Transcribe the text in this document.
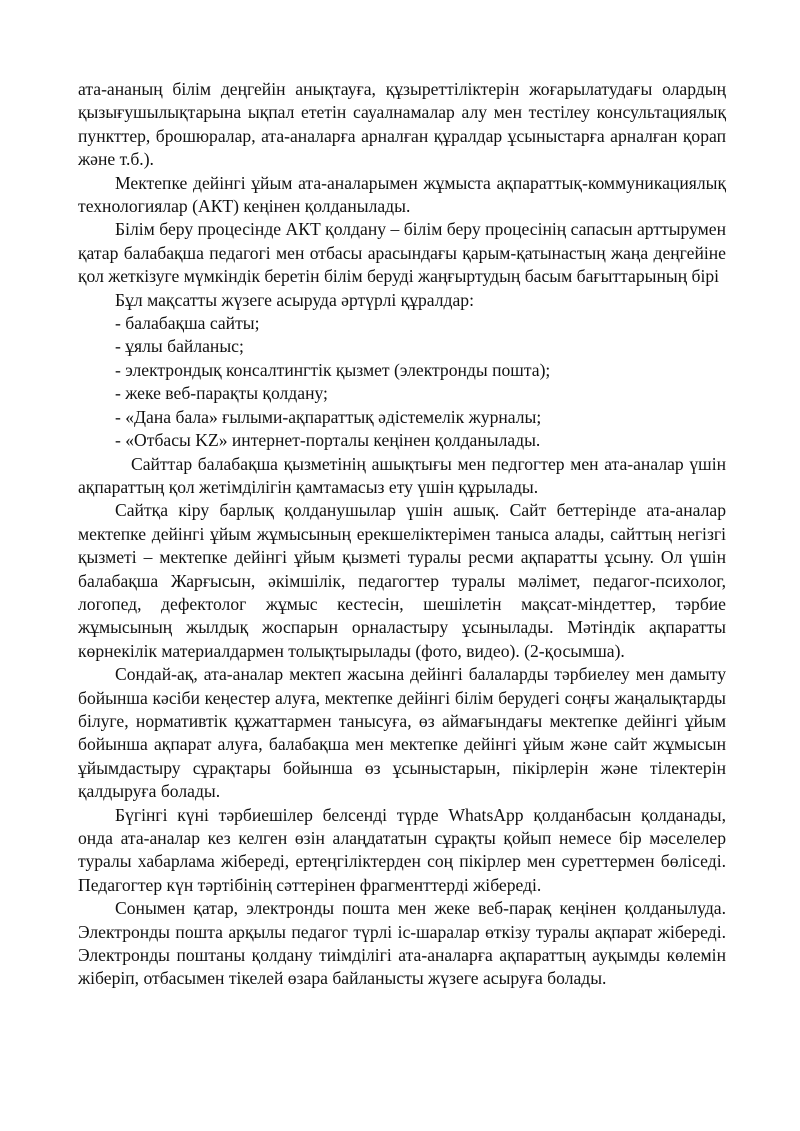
ата-ананың білім деңгейін анықтауға, құзыреттіліктерін жоғарылатудағы олардың қызығушылықтарына ықпал ететін сауалнамалар алу мен тестілеу консультациялық пункттер, брошюралар, ата-аналарға арналған құралдар ұсыныстарға арналған қорап және т.б.).

Мектепке дейінгі ұйым ата-аналарымен жұмыста ақпараттық-коммуникациялық технологиялар (АКТ) кеңінен қолданылады.

Білім беру процесінде АКТ қолдану – білім беру процесінің сапасын арттырумен қатар балабақша педагогі мен отбасы арасындағы қарым-қатынастың жаңа деңгейіне қол жеткізуге мүмкіндік беретін білім беруді жаңғыртудың басым бағыттарының бірі

Бұл мақсатты жүзеге асыруда әртүрлі құралдар:

- балабақша сайты;
- ұялы байланыс;
- электрондық консалтингтік қызмет (электронды пошта);
- жеке веб-парақты қолдану;
- «Дана бала» ғылыми-ақпараттық әдістемелік журналы;
- «Отбасы KZ» интернет-порталы кеңінен қолданылады.

Сайттар балабақша қызметінің ашықтығы мен педгогтер мен ата-аналар үшін ақпараттың қол жетімділігін қамтамасыз ету үшін құрылады.

Сайтқа кіру барлық қолданушылар үшін ашық. Сайт беттерінде ата-аналар мектепке дейінгі ұйым жұмысының ерекшеліктерімен таныса алады, сайттың негізгі қызметі – мектепке дейінгі ұйым қызметі туралы ресми ақпаратты ұсыну. Ол үшін балабақша Жарғысын, әкімшілік, педагогтер туралы мәлімет, педагог-психолог, логопед, дефектолог жұмыс кестесін, шешілетін мақсат-міндеттер, тәрбие жұмысының жылдық жоспарын орналастыру ұсынылады. Мәтіндік ақпаратты көрнекілік материалдармен толықтырылады (фото, видео). (2-қосымша).

Сондай-ақ, ата-аналар мектеп жасына дейінгі балаларды тәрбиелеу мен дамыту бойынша кәсіби кеңестер алуға, мектепке дейінгі білім берудегі соңғы жаңалықтарды білуге, нормативтік құжаттармен танысуға, өз аймағындағы мектепке дейінгі ұйым бойынша ақпарат алуға, балабақша мен мектепке дейінгі ұйым және сайт жұмысын ұйымдастыру сұрақтары бойынша өз ұсыныстарын, пікірлерін және тілектерін қалдыруға болады.

Бүгінгі күні тәрбиешілер белсенді түрде WhatsApp қолданбасын қолданады, онда ата-аналар кез келген өзін алаңдататын сұрақты қойып немесе бір мәселелер туралы хабарлама жібереді, ертеңгіліктерден соң пікірлер мен суреттермен бөліседі. Педагогтер күн тәртібінің сәттерінен фрагменттерді жібереді.

Сонымен қатар, электронды пошта мен жеке веб-парақ кеңінен қолданылуда. Электронды пошта арқылы педагог түрлі іс-шаралар өткізу туралы ақпарат жібереді. Электронды поштаны қолдану тиімділігі ата-аналарға ақпараттың ауқымды көлемін жіберіп, отбасымен тікелей өзара байланысты жүзеге асыруға болады.
